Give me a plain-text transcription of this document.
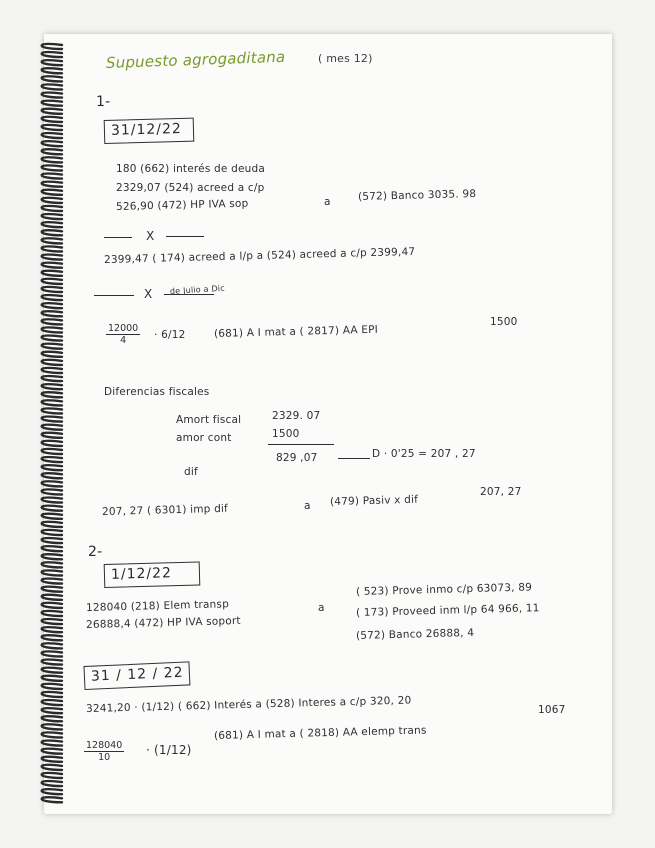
Supuesto agrogaditana	( mes 12)
1-
31/12/22
180 (662) interés de deuda
2329,07 (524) acreed a c/p
526,90 (472) HP IVA sop	a	(572) Banco 3035. 98
X
2399,47 ( 174) acreed a l/p a (524) acreed a c/p 2399,47
X de Julio a Dic
$\frac{12000}{4} \cdot 6/12$	(681) A I mat a ( 2817) AA EPI
1500
Diferencias fiscales
Amort fiscal	2329. 07
amor cont	1500
dif
829 ,07	D · 0'25 = 207 , 27
207, 27 ( 6301) imp dif	a (479) Pasiv x dif
207, 27
2-
1/12/22
128040 (218) Elem transp
26888,4 (472) HP IVA soport
a
( 523) Prove inmo c/p 63073, 89
( 173) Proveed inm l/p 64 966, 11
(572) Banco 26888, 4
31 / 12 / 22
3241,20 · (1/12) ( 662) Interés a (528) Interes a c/p 320, 20
$\frac{128040}{10} \cdot (1/12)$
(681) A I mat a ( 2818) AA elemp trans
1067
